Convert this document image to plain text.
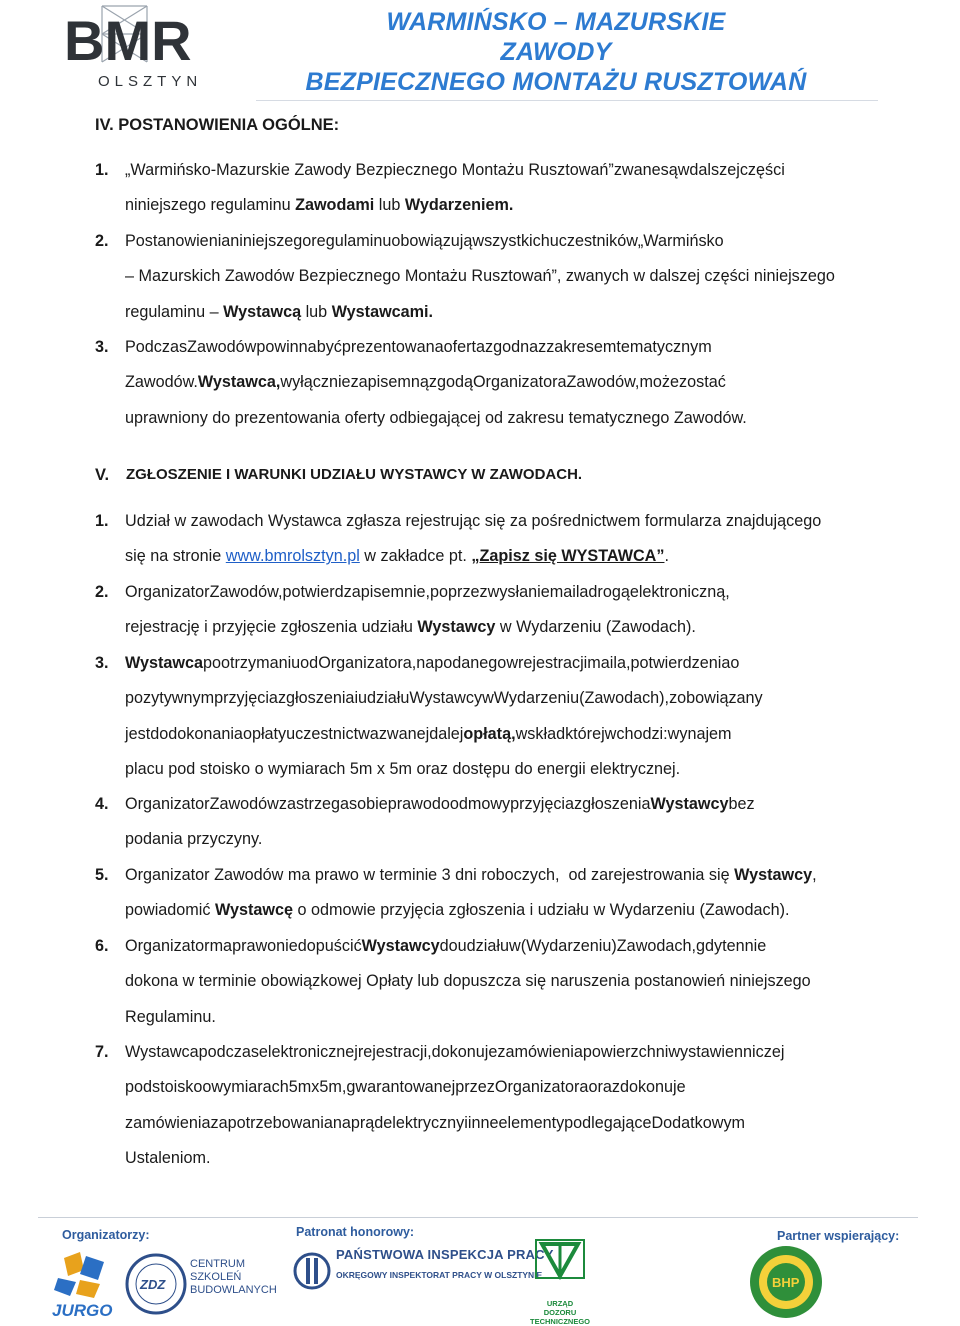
BMR
OLSZTYN
WARMIŃSKO – MAZURSKIE
ZAWODY
BEZPIECZNEGO MONTAŻU RUSZTOWAŃ
IV. POSTANOWIENIA OGÓLNE:
1. „Warmińsko-Mazurskie Zawody Bezpiecznego Montażu Rusztowań”zwanesąwdalszejczęści
niniejszego regulaminu Zawodami lub Wydarzeniem.
2. Postanowienianiniejszegoregulaminuobowiązująwszystkichuczestników„Warmińsko
– Mazurskich Zawodów Bezpiecznego Montażu Rusztowań”, zwanych w dalszej części niniejszego
regulaminu – Wystawcą lub Wystawcami.
3. PodczasZawodówpowinnabyćprezentowanaofertazgodnazzakresemtematycznym
Zawodów.Wystawca,wyłączniezapisemnązgodąOrganizatoraZawodów,możezostać
uprawniony do prezentowania oferty odbiegającej od zakresu tematycznego Zawodów.
V. ZGŁOSZENIE I WARUNKI UDZIAŁU WYSTAWCY W ZAWODACH.
1. Udział w zawodach Wystawca zgłasza rejestrując się za pośrednictwem formularza znajdującego
się na stronie www.bmrolsztyn.pl w zakładce pt. „Zapisz się WYSTAWCA”.
2. OrganizatorZawodów,potwierdzapisemnie,poprzezwysłaniemailadrogąelektroniczną,
rejestrację i przyjęcie zgłoszenia udziału Wystawcy w Wydarzeniu (Zawodach).
3. WystawcapootrzymaniuodOrganizatora,napodanegowrejestracjimaila,potwierdzeniao
pozytywnymprzyjęciazgłoszeniaiudziałuWystawcywWydarzeniu(Zawodach),zobowiązany
jestdodokonaniaopłatyuczestnictwazwanejdalejopłatą,wskładktórejwchodzi:wynajem
placu pod stoisko o wymiarach 5m x 5m oraz dostępu do energii elektrycznej.
4. OrganizatorZawodówzastrzegasobieprawodoodmowyprzyjęciazgłoszeniaWystawcybez
podania przyczyny.
5. Organizator Zawodów ma prawo w terminie 3 dni roboczych,  od zarejestrowania się Wystawcy,
powiadomić Wystawcę o odmowie przyjęcia zgłoszenia i udziału w Wydarzeniu (Zawodach).
6. OrganizatormaprawoniedopuścićWystawcydoudziałuw(Wydarzeniu)Zawodach,gdytennie
dokona w terminie obowiązkowej Opłaty lub dopuszcza się naruszenia postanowień niniejszego
Regulaminu.
7. Wystawcapodczaselektronicznejrejestracji,dokonujezamówieniapowierzchniwystawienniczej
podstoiskoowymiarach5mx5m,gwarantowanejprzezOrganizatoraorazdokonuje
zamówieniazapotrzebowanianaprądelektrycznyiinneelementypodlegająceDodatkowym
Ustaleniom.
Organizatorzy:	Patronat honorowy:	Partner wspierający:
JURGO
ZDZ
CENTRUM
SZKOLEŃ
BUDOWLANYCH
PAŃSTWOWA INSPEKCJA PRACY
OKRĘGOWY INSPEKTORAT PRACY W OLSZTYNIE
URZĄD DOZORU
TECHNICZNEGO
BHP
